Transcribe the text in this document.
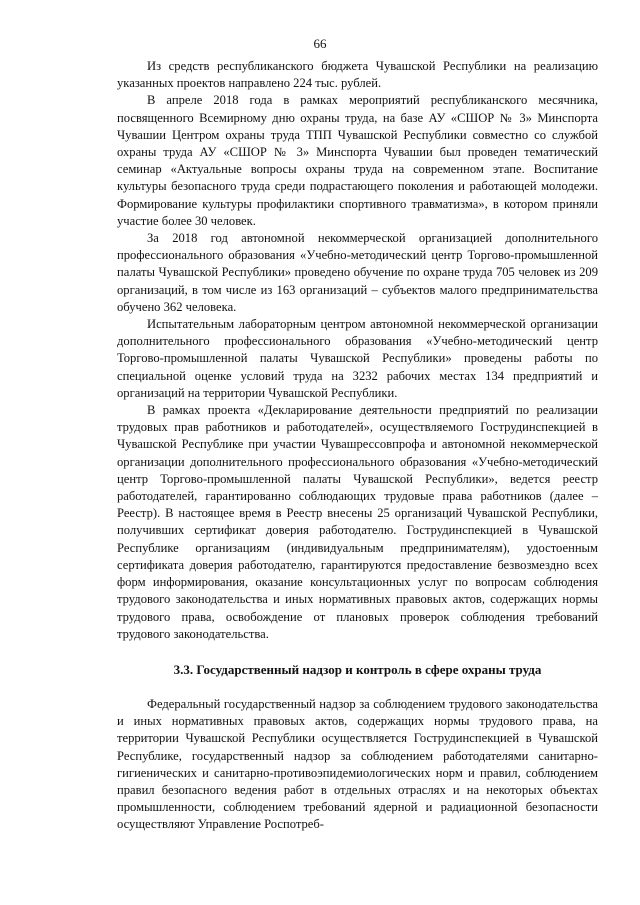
66

Из средств республиканского бюджета Чувашской Республики на реализацию указанных проектов направлено 224 тыс. рублей.

В апреле 2018 года в рамках мероприятий республиканского месячника, посвященного Всемирному дню охраны труда, на базе АУ «СШОР № 3» Минспорта Чувашии Центром охраны труда ТПП Чувашской Республики совместно со службой охраны труда АУ «СШОР № 3» Минспорта Чувашии был проведен тематический семинар «Актуальные вопросы охраны труда на современном этапе. Воспитание культуры безопасного труда среди подрастающего поколения и работающей молодежи. Формирование культуры профилактики спортивного травматизма», в котором приняли участие более 30 человек.

За 2018 год автономной некоммерческой организацией дополнительного профессионального образования «Учебно-методический центр Торгово-промышленной палаты Чувашской Республики» проведено обучение по охране труда 705 человек из 209 организаций, в том числе из 163 организаций – субъектов малого предпринимательства обучено 362 человека.

Испытательным лабораторным центром автономной некоммерческой организации дополнительного профессионального образования «Учебно-методический центр Торгово-промышленной палаты Чувашской Республики» проведены работы по специальной оценке условий труда на 3232 рабочих местах 134 предприятий и организаций на территории Чувашской Республики.

В рамках проекта «Декларирование деятельности предприятий по реализации трудовых прав работников и работодателей», осуществляемого Гострудинспекцией в Чувашской Республике при участии Чувашрессовпрофа и автономной некоммерческой организации дополнительного профессионального образования «Учебно-методический центр Торгово-промышленной палаты Чувашской Республики», ведется реестр работодателей, гарантированно соблюдающих трудовые права работников (далее – Реестр). В настоящее время в Реестр внесены 25 организаций Чувашской Республики, получивших сертификат доверия работодателю. Гострудинспекцией в Чувашской Республике организациям (индивидуальным предпринимателям), удостоенным сертификата доверия работодателю, гарантируются предоставление безвозмездно всех форм информирования, оказание консультационных услуг по вопросам соблюдения трудового законодательства и иных нормативных правовых актов, содержащих нормы трудового права, освобождение от плановых проверок соблюдения требований трудового законодательства.

3.3. Государственный надзор и контроль в сфере охраны труда

Федеральный государственный надзор за соблюдением трудового законодательства и иных нормативных правовых актов, содержащих нормы трудового права, на территории Чувашской Республики осуществляется Гострудинспекцией в Чувашской Республике, государственный надзор за соблюдением работодателями санитарно-гигиенических и санитарно-противоэпидемиологических норм и правил, соблюдением правил безопасного ведения работ в отдельных отраслях и на некоторых объектах промышленности, соблюдением требований ядерной и радиационной безопасности осуществляют Управление Роспотреб-
